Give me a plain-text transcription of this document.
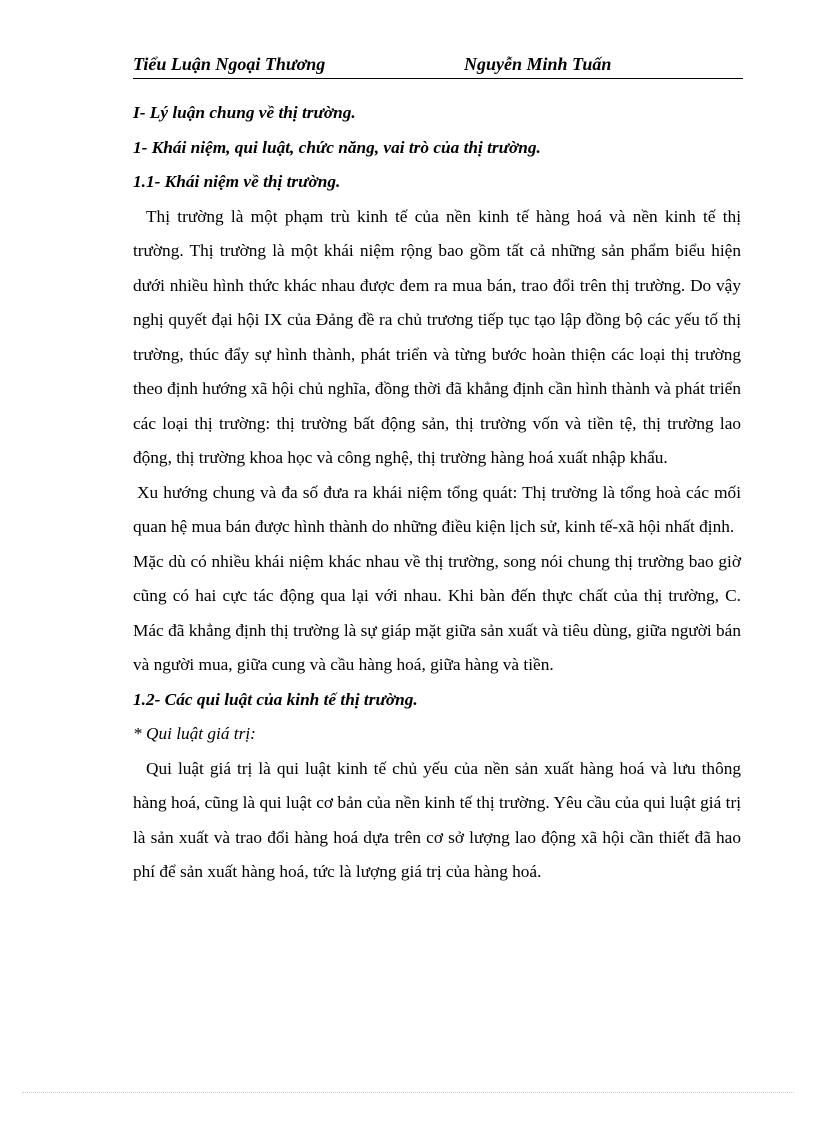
Tiểu Luận Ngoại Thương	Nguyễn Minh Tuấn

I- Lý luận chung về thị trường.

1- Khái niệm, qui luật, chức năng, vai trò của thị trường.

1.1- Khái niệm về thị trường.

Thị trường là một phạm trù kinh tế của nền kinh tế hàng hoá và nền kinh tế thị trường. Thị trường là một khái niệm rộng bao gồm tất cả những sản phẩm biểu hiện dưới nhiều hình thức khác nhau được đem ra mua bán, trao đổi trên thị trường. Do vậy nghị quyết đại hội IX của Đảng đề ra chủ trương tiếp tục tạo lập đồng bộ các yếu tố thị trường, thúc đẩy sự hình thành, phát triển và từng bước hoàn thiện các loại thị trường theo định hướng xã hội chủ nghĩa, đồng thời đã khẳng định cần hình thành và phát triển các loại thị trường: thị trường bất động sản, thị trường vốn và tiền tệ, thị trường lao động, thị trường khoa học và công nghệ, thị trường hàng hoá xuất nhập khẩu.

Xu hướng chung và đa số đưa ra khái niệm tổng quát: Thị trường là tổng hoà các mối quan hệ mua bán được hình thành do những điều kiện lịch sử, kinh tế-xã hội nhất định.

Mặc dù có nhiều khái niệm khác nhau về thị trường, song nói chung thị trường bao giờ cũng có hai cực tác động qua lại với nhau. Khi bàn đến thực chất của thị trường, C. Mác đã khẳng định thị trường là sự giáp mặt giữa sản xuất và tiêu dùng, giữa người bán và người mua, giữa cung và cầu hàng hoá, giữa hàng và tiền.

1.2- Các qui luật của kinh tế thị trường.

* Qui luật giá trị:

Qui luật giá trị là qui luật kinh tế chủ yếu của nền sản xuất hàng hoá và lưu thông hàng hoá, cũng là qui luật cơ bản của nền kinh tế thị trường. Yêu cầu của qui luật giá trị là sản xuất và trao đổi hàng hoá dựa trên cơ sở lượng lao động xã hội cần thiết đã hao phí để sản xuất hàng hoá, tức là lượng giá trị của hàng hoá.
